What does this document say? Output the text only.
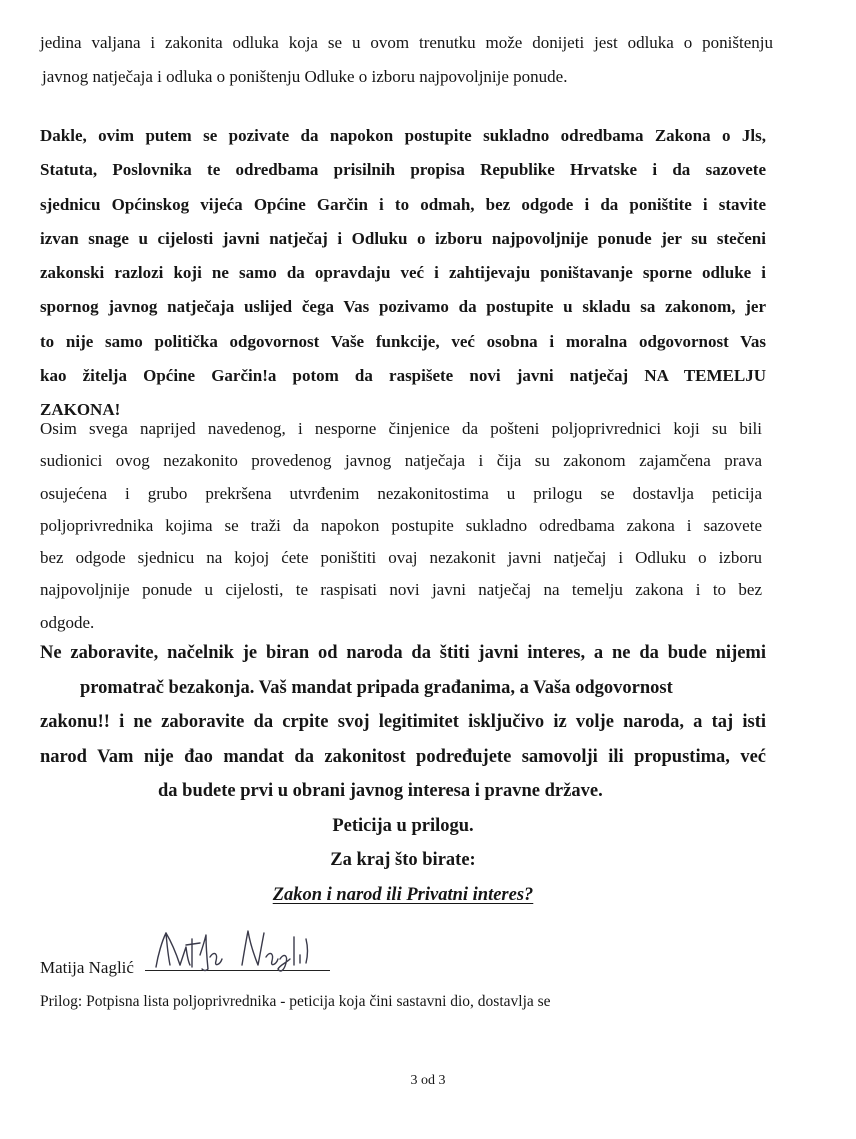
jedina valjana i zakonita odluka koja se u ovom trenutku može donijeti jest odluka o poništenju
javnog natječaja i odluka o poništenju Odluke o izboru najpovoljnije ponude.
Dakle, ovim putem se pozivate da napokon postupite sukladno odredbama Zakona o Jls,
Statuta, Poslovnika te odredbama prisilnih propisa Republike Hrvatske i da sazovete
sjednicu Općinskog vijeća Općine Garčin i to odmah, bez odgode i da poništite i stavite
izvan snage u cijelosti javni natječaj i Odluku o izboru najpovoljnije ponude jer su stečeni
zakonski razlozi koji ne samo da opravdaju već i zahtijevaju poništavanje sporne odluke i
spornog javnog natječaja uslijed čega Vas pozivamo da postupite u skladu sa zakonom, jer
to nije samo politička odgovornost Vaše funkcije, već osobna i moralna odgovornost Vas
kao žitelja Općine Garčin!a potom da raspišete novi javni natječaj NA TEMELJU
ZAKONA!
Osim svega naprijed navedenog, i nesporne činjenice da pošteni poljoprivrednici koji su bili
sudionici ovog nezakonito provedenog javnog natječaja i čija su zakonom zajamčena prava
osujećena i grubo prekršena utvrđenim nezakonitostima u prilogu se dostavlja peticija
poljoprivrednika kojima se traži da napokon postupite sukladno odredbama zakona i sazovete
bez odgode sjednicu na kojoj ćete poništiti ovaj nezakonit javni natječaj i Odluku o izboru
najpovoljnije ponude u cijelosti, te raspisati novi javni natječaj na temelju zakona i to bez
odgode.
Ne zaboravite, načelnik je biran od naroda da štiti javni interes, a ne da bude nijemi
promatrač bezakonja. Vaš mandat pripada građanima, a Vaša odgovornost
zakonu!! i ne zaboravite da crpite svoj legitimitet isključivo iz volje naroda, a taj isti
narod Vam nije đao mandat da zakonitost podređujete samovolji ili propustima, već
da budete prvi u obrani javnog interesa i pravne države.
Peticija u prilogu.
Za kraj što birate:
Zakon i narod ili Privatni interes?
Matija Naglić
Prilog: Potpisna lista poljoprivrednika - peticija koja čini sastavni dio, dostavlja se
3 od 3
